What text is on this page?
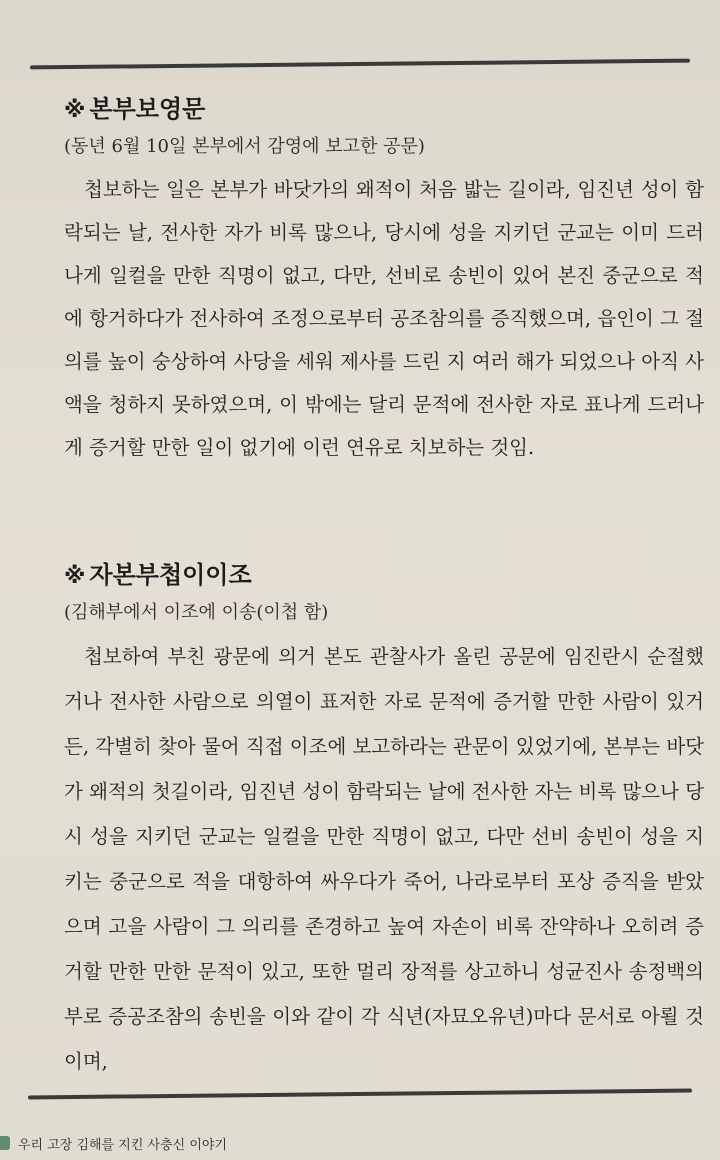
※ 본부보영문

(동년 6월 10일 본부에서 감영에 보고한 공문)

첩보하는 일은 본부가 바닷가의 왜적이 처음 밟는 길이라, 임진년 성이 함락되는 날, 전사한 자가 비록 많으나, 당시에 성을 지키던 군교는 이미 드러나게 일컬을 만한 직명이 없고, 다만, 선비로 송빈이 있어 본진 중군으로 적에 항거하다가 전사하여 조정으로부터 공조참의를 증직했으며, 읍인이 그 절의를 높이 숭상하여 사당을 세워 제사를 드린 지 여러 해가 되었으나 아직 사액을 청하지 못하였으며, 이 밖에는 달리 문적에 전사한 자로 표나게 드러나게 증거할 만한 일이 없기에 이런 연유로 치보하는 것임.

※ 자본부첩이이조

(김해부에서 이조에 이송(이첩 함)

첩보하여 부친 광문에 의거 본도 관찰사가 올린 공문에 임진란시 순절했거나 전사한 사람으로 의열이 표저한 자로 문적에 증거할 만한 사람이 있거든, 각별히 찾아 물어 직접 이조에 보고하라는 관문이 있었기에, 본부는 바닷가 왜적의 첫길이라, 임진년 성이 함락되는 날에 전사한 자는 비록 많으나 당시 성을 지키던 군교는 일컬을 만한 직명이 없고, 다만 선비 송빈이 성을 지키는 중군으로 적을 대항하여 싸우다가 죽어, 나라로부터 포상 증직을 받았으며 고을 사람이 그 의리를 존경하고 높여 자손이 비록 잔약하나 오히려 증거할 만한 만한 문적이 있고, 또한 멀리 장적를 상고하니 성균진사 송정백의 부로 증공조참의 송빈을 이와 같이 각 식년(자묘오유년)마다 문서로 아뢸 것이며,

우리 고장 김해를 지킨 사충신 이야기
